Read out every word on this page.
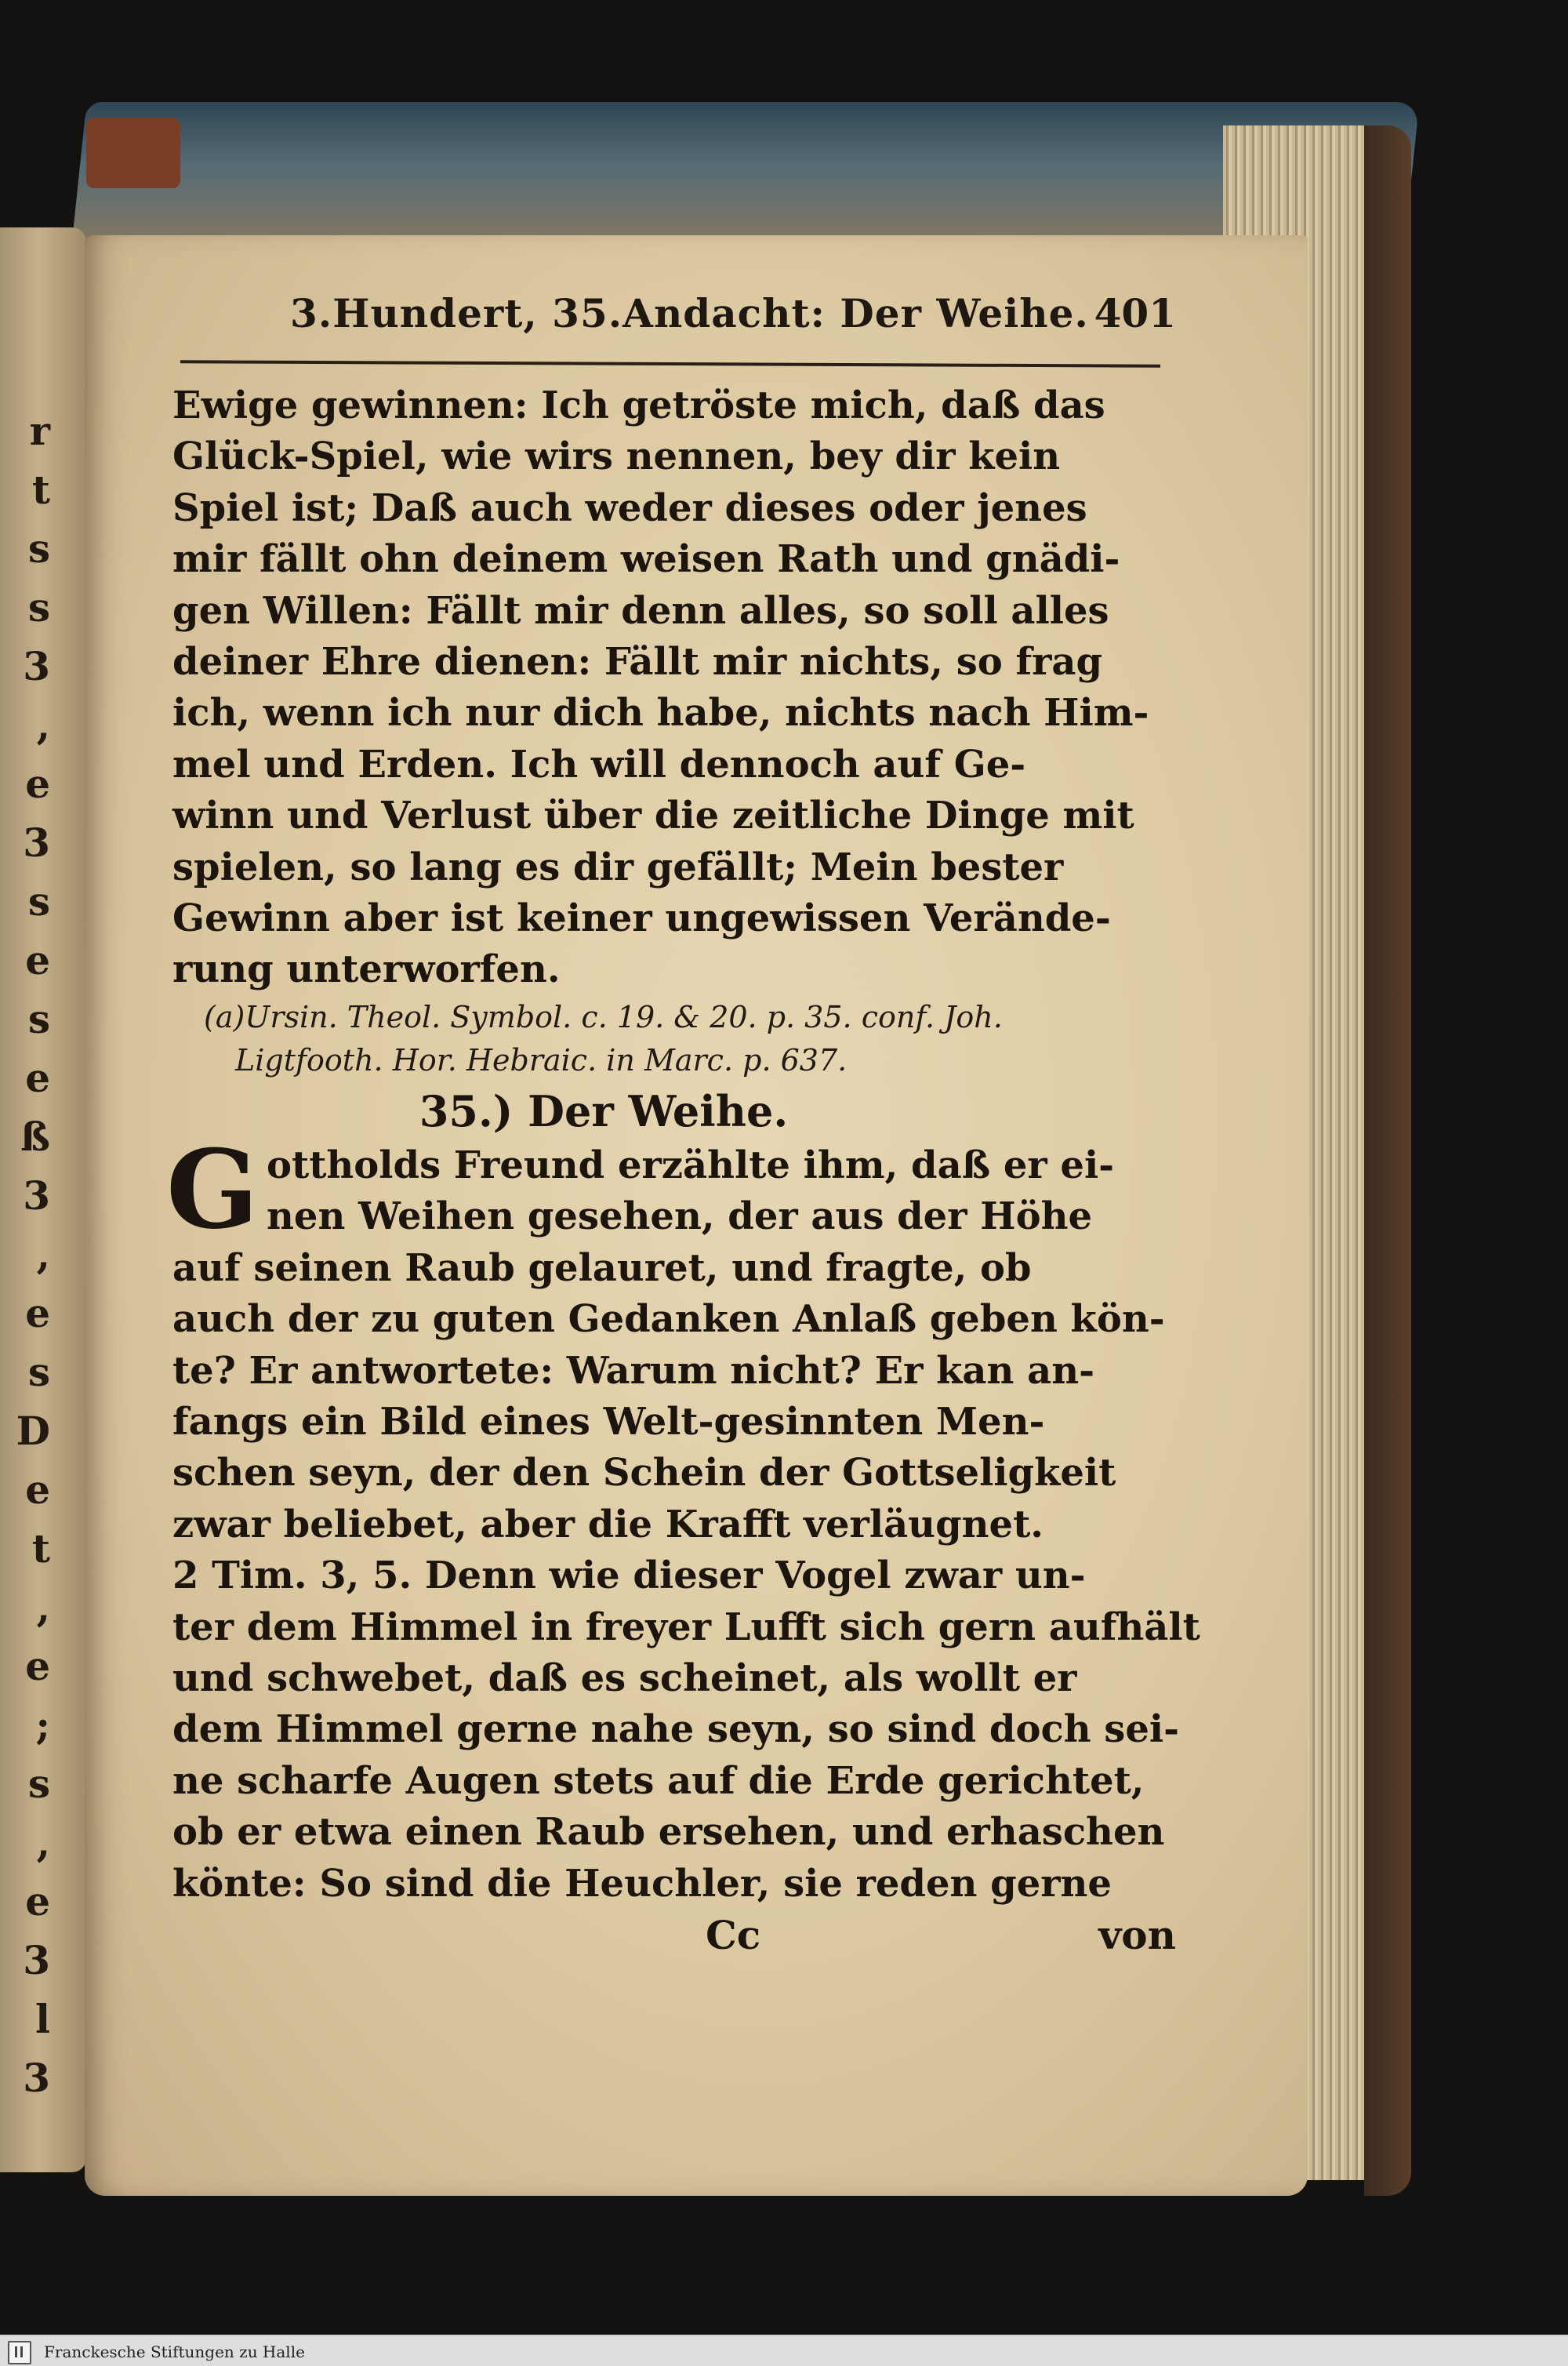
r
t
s
s
3
,
e
3
s
e
s
e
ß
3
,
e
s
D
e
t
,
e
;
s
,
e
3
l
3
3.Hundert, 35.Andacht: Der Weihe. 401
Ewige gewinnen: Ich getröste mich, daß das
Glück-Spiel, wie wirs nennen, bey dir kein
Spiel ist; Daß auch weder dieses oder jenes
mir fällt ohn deinem weisen Rath und gnädi-
gen Willen: Fällt mir denn alles, so soll alles
deiner Ehre dienen: Fällt mir nichts, so frag
ich, wenn ich nur dich habe, nichts nach Him-
mel und Erden. Ich will dennoch auf Ge-
winn und Verlust über die zeitliche Dinge mit
spielen, so lang es dir gefällt; Mein bester
Gewinn aber ist keiner ungewissen Verände-
rung unterworfen.
(a)Ursin. Theol. Symbol. c. 19. & 20. p. 35. conf. Joh.
Ligtfooth. Hor. Hebraic. in Marc. p. 637.
35.) Der Weihe.
G ottholds Freund erzählte ihm, daß er ei-
nen Weihen gesehen, der aus der Höhe
auf seinen Raub gelauret, und fragte, ob
auch der zu guten Gedanken Anlaß geben kön-
te? Er antwortete: Warum nicht? Er kan an-
fangs ein Bild eines Welt-gesinnten Men-
schen seyn, der den Schein der Gottseligkeit
zwar beliebet, aber die Krafft verläugnet.
2 Tim. 3, 5. Denn wie dieser Vogel zwar un-
ter dem Himmel in freyer Lufft sich gern aufhält
und schwebet, daß es scheinet, als wollt er
dem Himmel gerne nahe seyn, so sind doch sei-
ne scharfe Augen stets auf die Erde gerichtet,
ob er etwa einen Raub ersehen, und erhaschen
könte: So sind die Heuchler, sie reden gerne
Cc	von
Franckesche Stiftungen zu Halle
